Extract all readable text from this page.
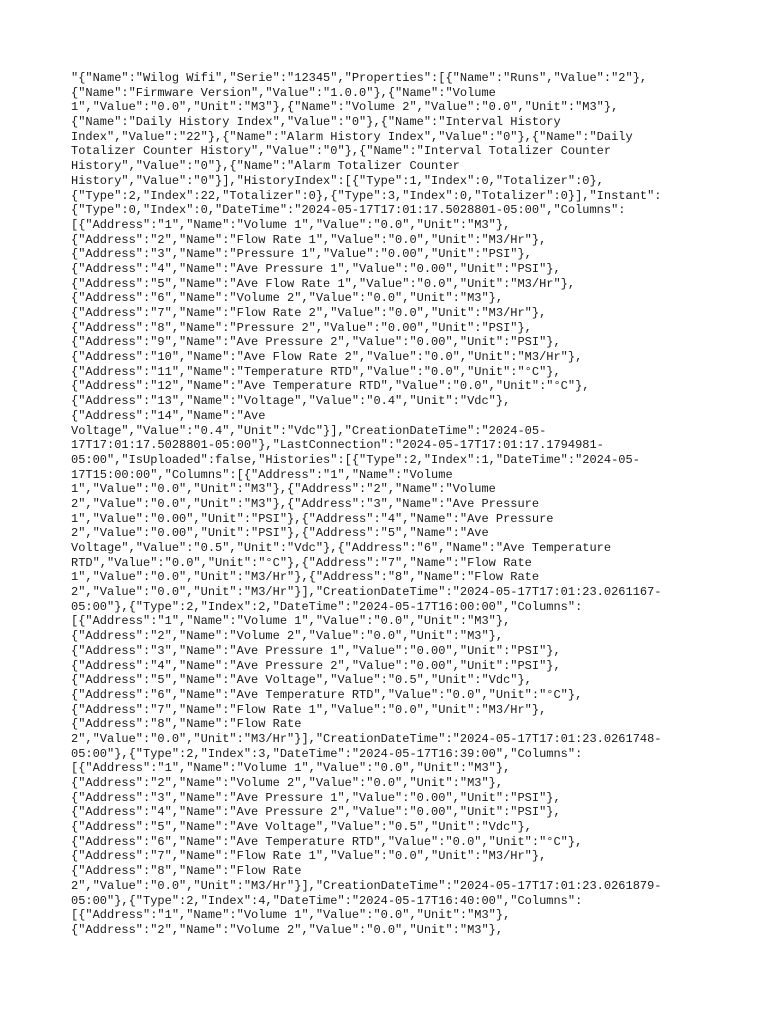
"{"Name":"Wilog Wifi","Serie":"12345","Properties":[{"Name":"Runs","Value":"2"},
{"Name":"Firmware Version","Value":"1.0.0"},{"Name":"Volume
1","Value":"0.0","Unit":"M3"},{"Name":"Volume 2","Value":"0.0","Unit":"M3"},
{"Name":"Daily History Index","Value":"0"},{"Name":"Interval History
Index","Value":"22"},{"Name":"Alarm History Index","Value":"0"},{"Name":"Daily
Totalizer Counter History","Value":"0"},{"Name":"Interval Totalizer Counter
History","Value":"0"},{"Name":"Alarm Totalizer Counter
History","Value":"0"}],"HistoryIndex":[{"Type":1,"Index":0,"Totalizer":0},
{"Type":2,"Index":22,"Totalizer":0},{"Type":3,"Index":0,"Totalizer":0}],"Instant":
{"Type":0,"Index":0,"DateTime":"2024-05-17T17:01:17.5028801-05:00","Columns":
[{"Address":"1","Name":"Volume 1","Value":"0.0","Unit":"M3"},
{"Address":"2","Name":"Flow Rate 1","Value":"0.0","Unit":"M3/Hr"},
{"Address":"3","Name":"Pressure 1","Value":"0.00","Unit":"PSI"},
{"Address":"4","Name":"Ave Pressure 1","Value":"0.00","Unit":"PSI"},
{"Address":"5","Name":"Ave Flow Rate 1","Value":"0.0","Unit":"M3/Hr"},
{"Address":"6","Name":"Volume 2","Value":"0.0","Unit":"M3"},
{"Address":"7","Name":"Flow Rate 2","Value":"0.0","Unit":"M3/Hr"},
{"Address":"8","Name":"Pressure 2","Value":"0.00","Unit":"PSI"},
{"Address":"9","Name":"Ave Pressure 2","Value":"0.00","Unit":"PSI"},
{"Address":"10","Name":"Ave Flow Rate 2","Value":"0.0","Unit":"M3/Hr"},
{"Address":"11","Name":"Temperature RTD","Value":"0.0","Unit":"°C"},
{"Address":"12","Name":"Ave Temperature RTD","Value":"0.0","Unit":"°C"},
{"Address":"13","Name":"Voltage","Value":"0.4","Unit":"Vdc"},
{"Address":"14","Name":"Ave
Voltage","Value":"0.4","Unit":"Vdc"}],"CreationDateTime":"2024-05-
17T17:01:17.5028801-05:00"},"LastConnection":"2024-05-17T17:01:17.1794981-
05:00","IsUploaded":false,"Histories":[{"Type":2,"Index":1,"DateTime":"2024-05-
17T15:00:00","Columns":[{"Address":"1","Name":"Volume
1","Value":"0.0","Unit":"M3"},{"Address":"2","Name":"Volume
2","Value":"0.0","Unit":"M3"},{"Address":"3","Name":"Ave Pressure
1","Value":"0.00","Unit":"PSI"},{"Address":"4","Name":"Ave Pressure
2","Value":"0.00","Unit":"PSI"},{"Address":"5","Name":"Ave
Voltage","Value":"0.5","Unit":"Vdc"},{"Address":"6","Name":"Ave Temperature
RTD","Value":"0.0","Unit":"°C"},{"Address":"7","Name":"Flow Rate
1","Value":"0.0","Unit":"M3/Hr"},{"Address":"8","Name":"Flow Rate
2","Value":"0.0","Unit":"M3/Hr"}],"CreationDateTime":"2024-05-17T17:01:23.0261167-
05:00"},{"Type":2,"Index":2,"DateTime":"2024-05-17T16:00:00","Columns":
[{"Address":"1","Name":"Volume 1","Value":"0.0","Unit":"M3"},
{"Address":"2","Name":"Volume 2","Value":"0.0","Unit":"M3"},
{"Address":"3","Name":"Ave Pressure 1","Value":"0.00","Unit":"PSI"},
{"Address":"4","Name":"Ave Pressure 2","Value":"0.00","Unit":"PSI"},
{"Address":"5","Name":"Ave Voltage","Value":"0.5","Unit":"Vdc"},
{"Address":"6","Name":"Ave Temperature RTD","Value":"0.0","Unit":"°C"},
{"Address":"7","Name":"Flow Rate 1","Value":"0.0","Unit":"M3/Hr"},
{"Address":"8","Name":"Flow Rate
2","Value":"0.0","Unit":"M3/Hr"}],"CreationDateTime":"2024-05-17T17:01:23.0261748-
05:00"},{"Type":2,"Index":3,"DateTime":"2024-05-17T16:39:00","Columns":
[{"Address":"1","Name":"Volume 1","Value":"0.0","Unit":"M3"},
{"Address":"2","Name":"Volume 2","Value":"0.0","Unit":"M3"},
{"Address":"3","Name":"Ave Pressure 1","Value":"0.00","Unit":"PSI"},
{"Address":"4","Name":"Ave Pressure 2","Value":"0.00","Unit":"PSI"},
{"Address":"5","Name":"Ave Voltage","Value":"0.5","Unit":"Vdc"},
{"Address":"6","Name":"Ave Temperature RTD","Value":"0.0","Unit":"°C"},
{"Address":"7","Name":"Flow Rate 1","Value":"0.0","Unit":"M3/Hr"},
{"Address":"8","Name":"Flow Rate
2","Value":"0.0","Unit":"M3/Hr"}],"CreationDateTime":"2024-05-17T17:01:23.0261879-
05:00"},{"Type":2,"Index":4,"DateTime":"2024-05-17T16:40:00","Columns":
[{"Address":"1","Name":"Volume 1","Value":"0.0","Unit":"M3"},
{"Address":"2","Name":"Volume 2","Value":"0.0","Unit":"M3"},
